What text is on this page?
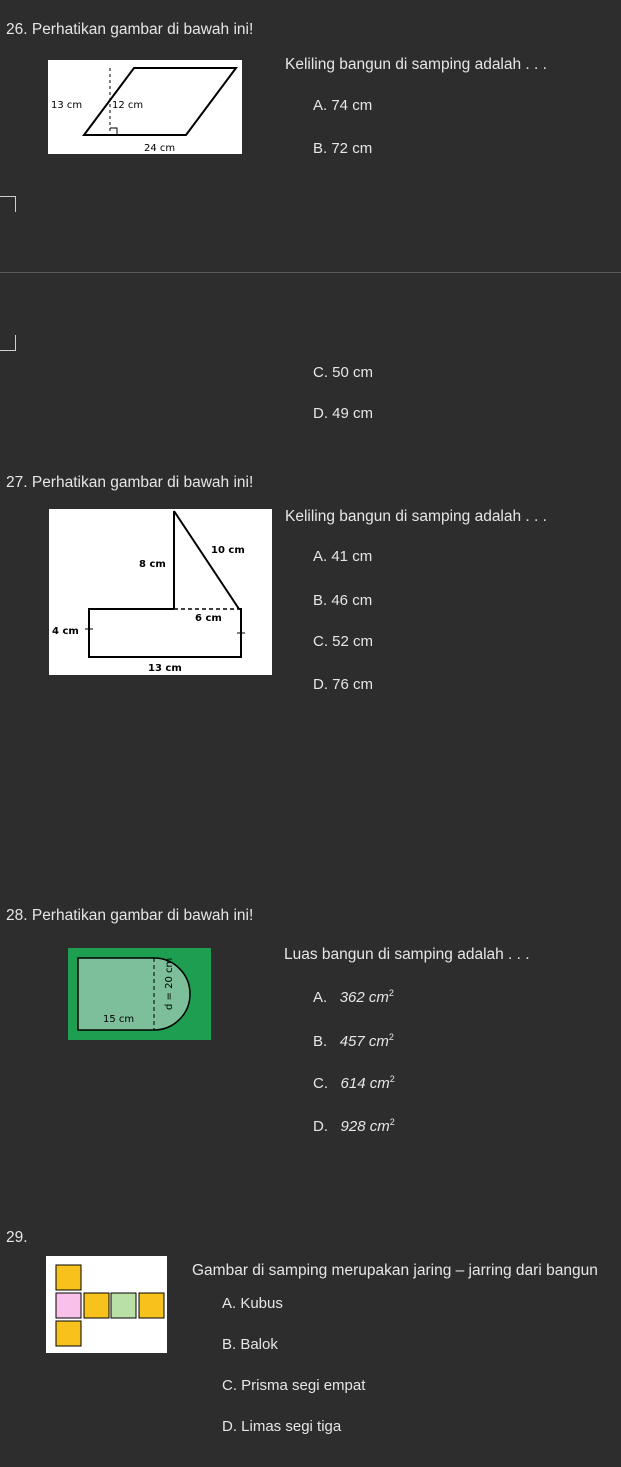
26. Perhatikan gambar di bawah ini!
13 cm	12 cm
24 cm
Keliling bangun di samping adalah . . .
A. 74 cm
B. 72 cm
C. 50 cm
D. 49 cm
27. Perhatikan gambar di bawah ini!
8 cm
10 cm
6 cm
4 cm
13 cm
Keliling bangun di samping adalah . . .
A. 41 cm
B. 46 cm
C. 52 cm
D. 76 cm
28. Perhatikan gambar di bawah ini!
15 cm
d = 20 cm
Luas bangun di samping adalah . . .
A. 362 $cm^2$
B. 457 $cm^2$
C. 614 $cm^2$
D. 928 $cm^2$
29.
Gambar di samping merupakan jaring – jarring dari bangun
A. Kubus
B. Balok
C. Prisma segi empat
D. Limas segi tiga
